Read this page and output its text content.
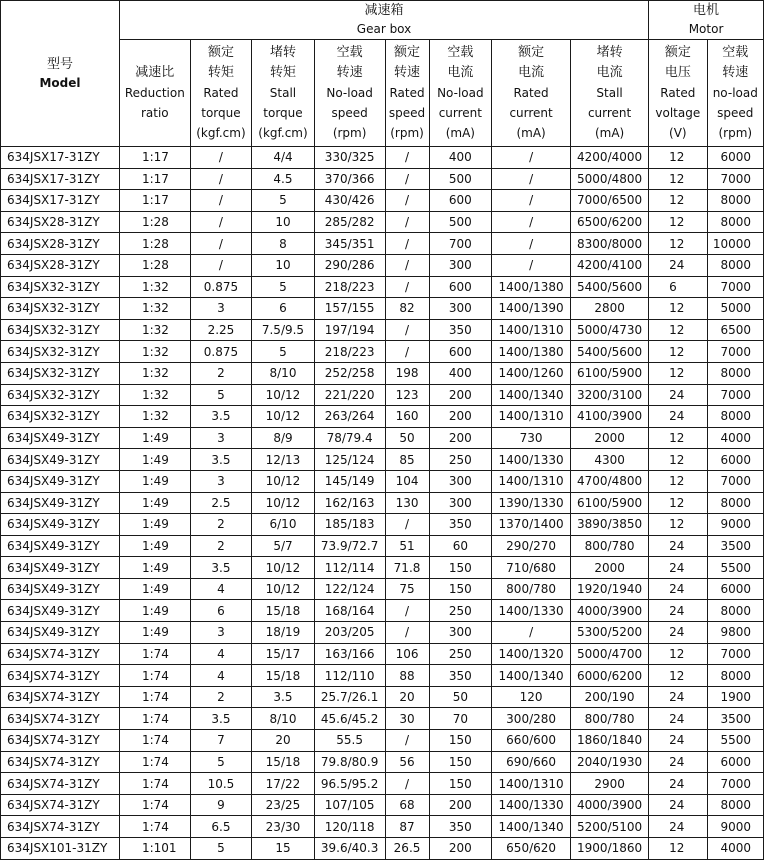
型号
Model	减速箱
Gear box								电机
Motor	

	减速比
Reduction
ratio	额定
转矩
Rated
torque
(kgf.cm)	堵转
转矩
Stall
torque
(kgf.cm)	空载
转速
No-load
speed
(rpm)	额定
转速
Rated
speed
(rpm)	空载
电流
No-load
current
(mA)	额定
电流
Rated
current
(mA)	堵转
电流
Stall
current
(mA)	额定
电压
Rated
voltage
(V)	空载
转速
no-load
speed
(rpm)

634JSX17-31ZY	1:17	/	4/4	330/325	/	400	/	4200/4000	12	6000
634JSX17-31ZY	1:17	/	4.5	370/366	/	500	/	5000/4800	12	7000
634JSX17-31ZY	1:17	/	5	430/426	/	600	/	7000/6500	12	8000
634JSX28-31ZY	1:28	/	10	285/282	/	500	/	6500/6200	12	8000
634JSX28-31ZY	1:28	/	8	345/351	/	700	/	8300/8000	12	10000
634JSX28-31ZY	1:28	/	10	290/286	/	300	/	4200/4100	24	8000
634JSX32-31ZY	1:32	0.875	5	218/223	/	600	1400/1380	5400/5600	6	7000
634JSX32-31ZY	1:32	3	6	157/155	82	300	1400/1390	2800	12	5000
634JSX32-31ZY	1:32	2.25	7.5/9.5	197/194	/	350	1400/1310	5000/4730	12	6500
634JSX32-31ZY	1:32	0.875	5	218/223	/	600	1400/1380	5400/5600	12	7000
634JSX32-31ZY	1:32	2	8/10	252/258	198	400	1400/1260	6100/5900	12	8000
634JSX32-31ZY	1:32	5	10/12	221/220	123	200	1400/1340	3200/3100	24	7000
634JSX32-31ZY	1:32	3.5	10/12	263/264	160	200	1400/1310	4100/3900	24	8000
634JSX49-31ZY	1:49	3	8/9	78/79.4	50	200	730	2000	12	4000
634JSX49-31ZY	1:49	3.5	12/13	125/124	85	250	1400/1330	4300	12	6000
634JSX49-31ZY	1:49	3	10/12	145/149	104	300	1400/1310	4700/4800	12	7000
634JSX49-31ZY	1:49	2.5	10/12	162/163	130	300	1390/1330	6100/5900	12	8000
634JSX49-31ZY	1:49	2	6/10	185/183	/	350	1370/1400	3890/3850	12	9000
634JSX49-31ZY	1:49	2	5/7	73.9/72.7	51	60	290/270	800/780	24	3500
634JSX49-31ZY	1:49	3.5	10/12	112/114	71.8	150	710/680	2000	24	5500
634JSX49-31ZY	1:49	4	10/12	122/124	75	150	800/780	1920/1940	24	6000
634JSX49-31ZY	1:49	6	15/18	168/164	/	250	1400/1330	4000/3900	24	8000
634JSX49-31ZY	1:49	3	18/19	203/205	/	300	/	5300/5200	24	9800
634JSX74-31ZY	1:74	4	15/17	163/166	106	250	1400/1320	5000/4700	12	7000
634JSX74-31ZY	1:74	4	15/18	112/110	88	350	1400/1340	6000/6200	12	8000
634JSX74-31ZY	1:74	2	3.5	25.7/26.1	20	50	120	200/190	24	1900
634JSX74-31ZY	1:74	3.5	8/10	45.6/45.2	30	70	300/280	800/780	24	3500
634JSX74-31ZY	1:74	7	20	55.5	/	150	660/600	1860/1840	24	5500
634JSX74-31ZY	1:74	5	15/18	79.8/80.9	56	150	690/660	2040/1930	24	6000
634JSX74-31ZY	1:74	10.5	17/22	96.5/95.2	/	150	1400/1310	2900	24	7000
634JSX74-31ZY	1:74	9	23/25	107/105	68	200	1400/1330	4000/3900	24	8000
634JSX74-31ZY	1:74	6.5	23/30	120/118	87	350	1400/1340	5200/5100	24	9000
634JSX101-31ZY	1:101	5	15	39.6/40.3	26.5	200	650/620	1900/1860	12	4000
